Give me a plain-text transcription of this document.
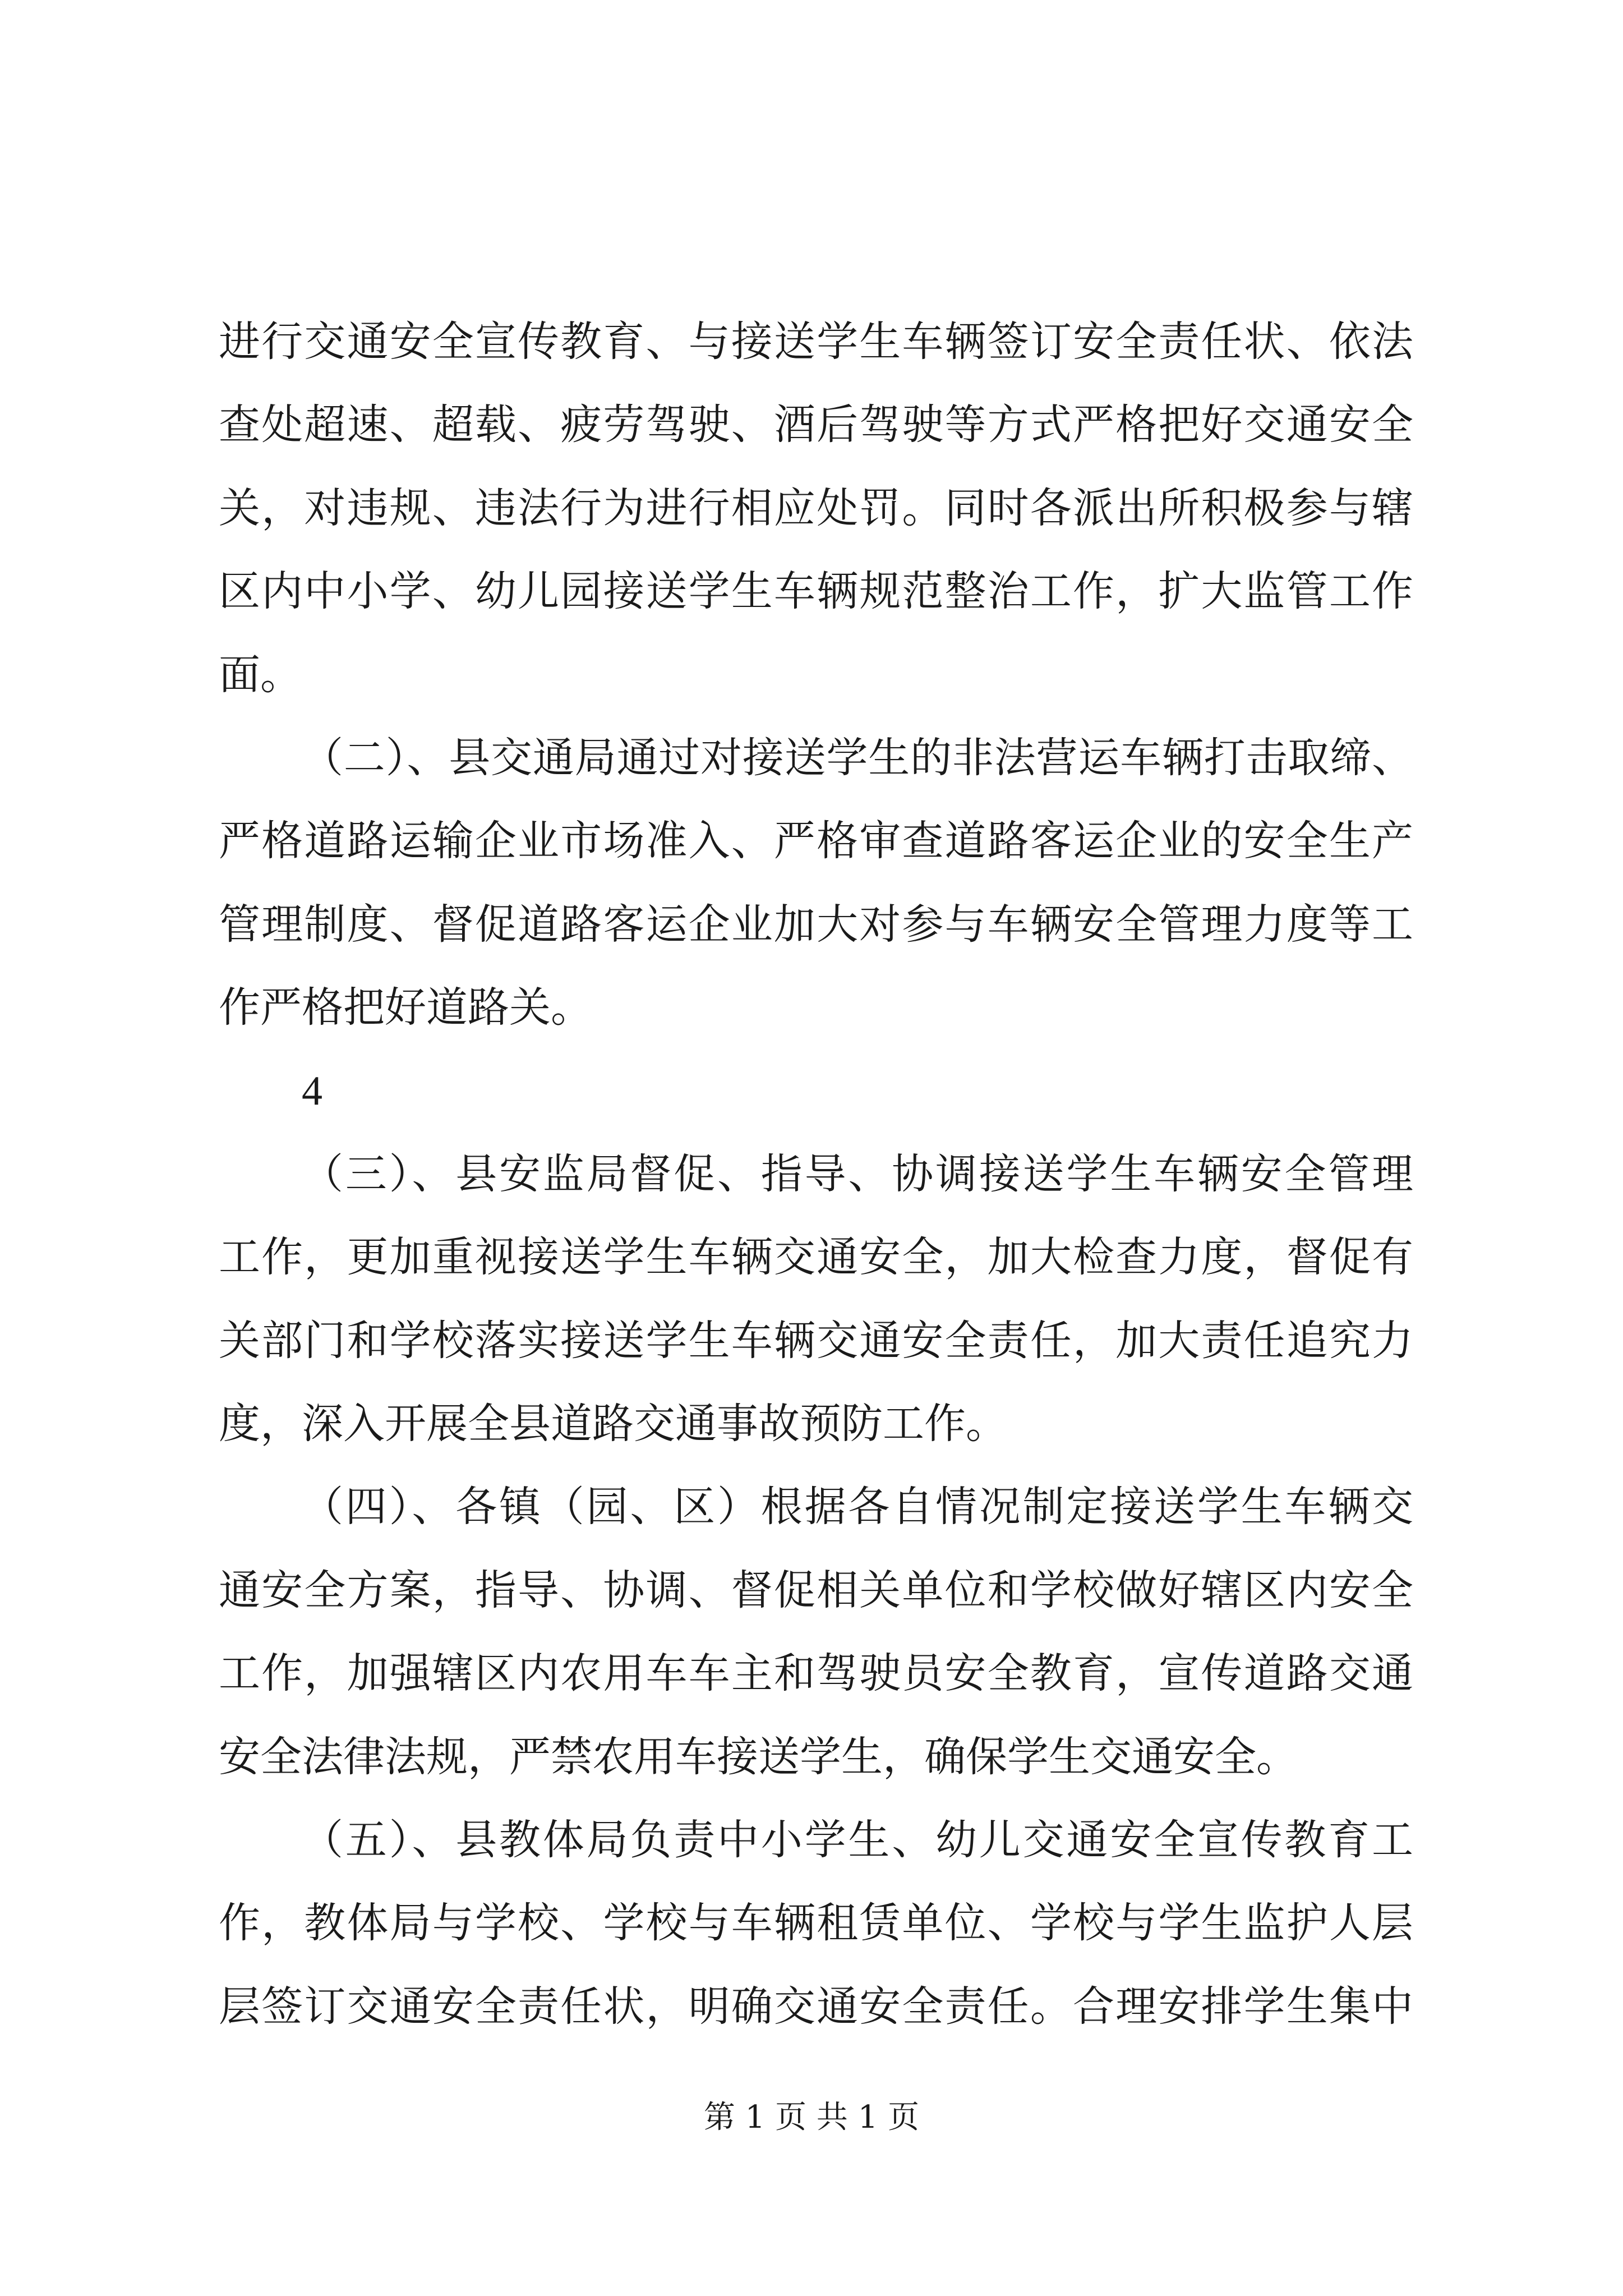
进行交通安全宣传教育、与接送学生车辆签订安全责任状、依法
查处超速、超载、疲劳驾驶、酒后驾驶等方式严格把好交通安全
关，对违规、违法行为进行相应处罚。同时各派出所积极参与辖
区内中小学、幼儿园接送学生车辆规范整治工作，扩大监管工作
面。
（二）、县交通局通过对接送学生的非法营运车辆打击取缔、
严格道路运输企业市场准入、严格审查道路客运企业的安全生产
管理制度、督促道路客运企业加大对参与车辆安全管理力度等工
作严格把好道路关。
4
（三）、县安监局督促、指导、协调接送学生车辆安全管理
工作，更加重视接送学生车辆交通安全，加大检查力度，督促有
关部门和学校落实接送学生车辆交通安全责任，加大责任追究力
度，深入开展全县道路交通事故预防工作。
（四）、各镇（园、区）根据各自情况制定接送学生车辆交
通安全方案，指导、协调、督促相关单位和学校做好辖区内安全
工作，加强辖区内农用车车主和驾驶员安全教育，宣传道路交通
安全法律法规，严禁农用车接送学生，确保学生交通安全。
（五）、县教体局负责中小学生、幼儿交通安全宣传教育工
作，教体局与学校、学校与车辆租赁单位、学校与学生监护人层
层签订交通安全责任状，明确交通安全责任。合理安排学生集中
第 1 页 共 1 页
